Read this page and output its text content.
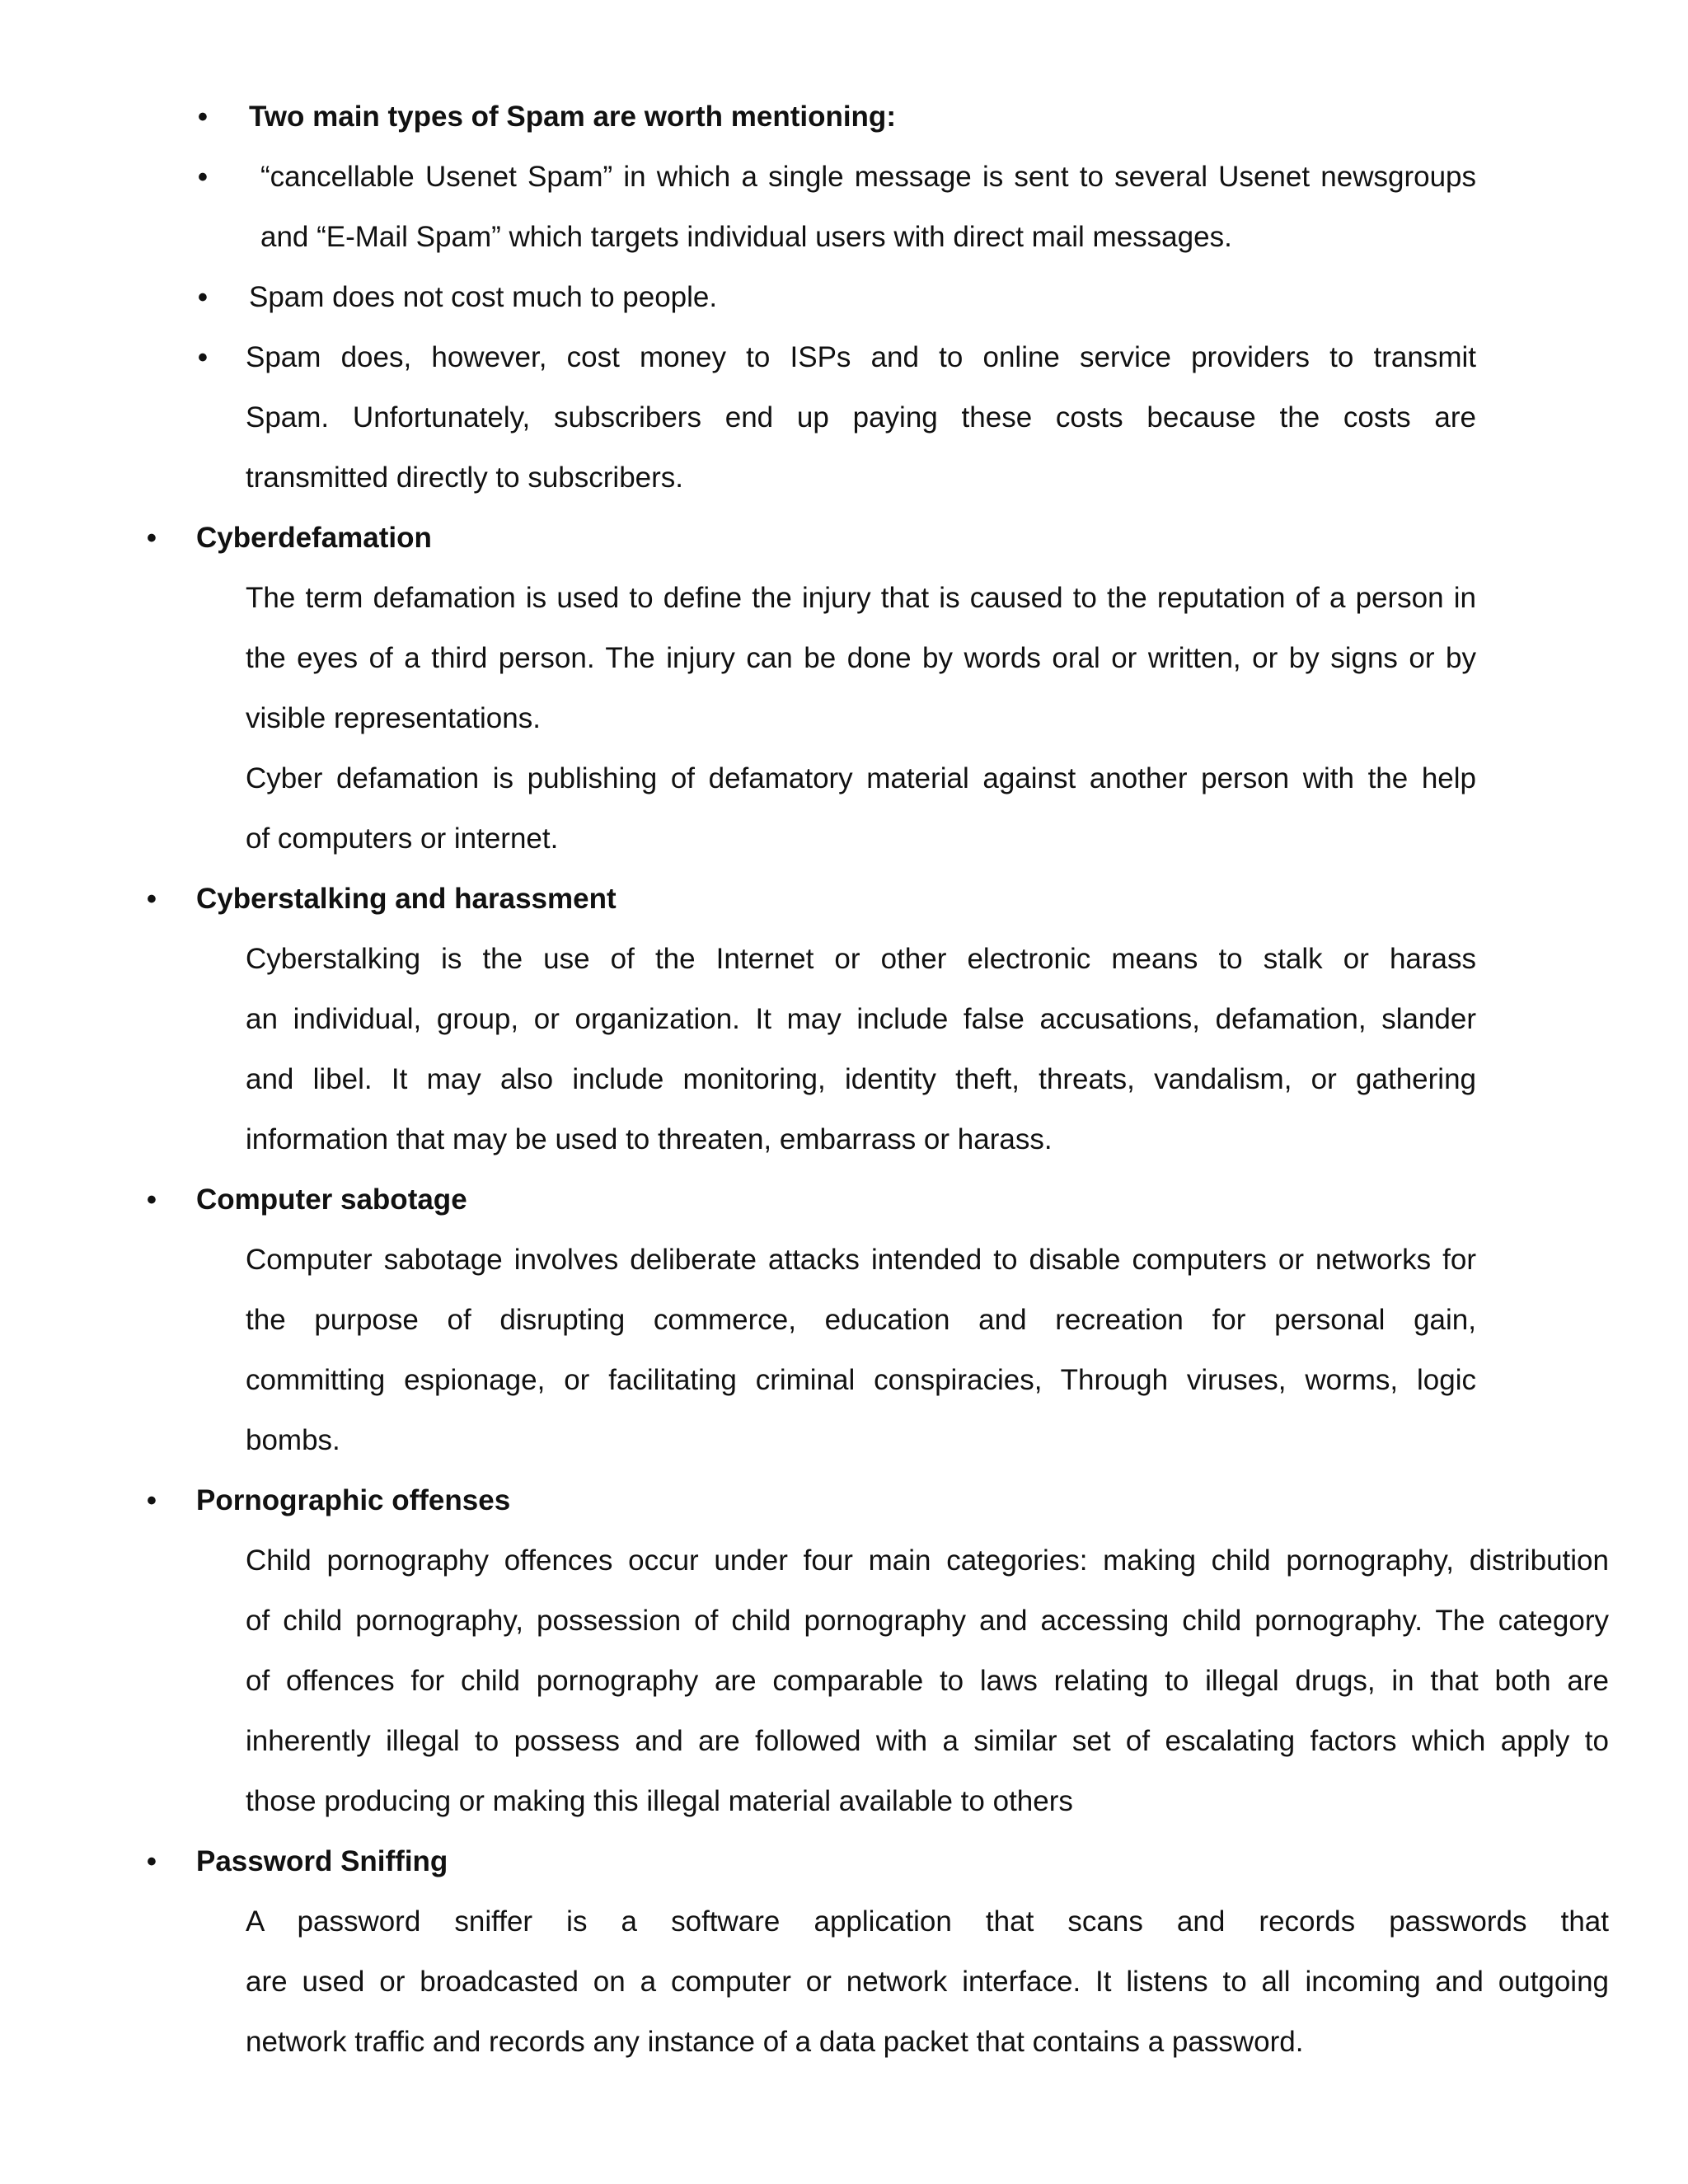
• Two main types of Spam are worth mentioning:
• “cancellable Usenet Spam” in which a single message is sent to several Usenet newsgroups
and “E-Mail Spam” which targets individual users with direct mail messages.
• Spam does not cost much to people.
• Spam does, however, cost money to ISPs and to online service providers to transmit
Spam. Unfortunately, subscribers end up paying these costs because the costs are
transmitted directly to subscribers.
• Cyberdefamation
The term defamation is used to define the injury that is caused to the reputation of a person in
the eyes of a third person. The injury can be done by words oral or written, or by signs or by
visible representations.
Cyber defamation is publishing of defamatory material against another person with the help
of computers or internet.
• Cyberstalking and harassment
Cyberstalking is the use of the Internet or other electronic means to stalk or harass
an individual, group, or organization. It may include false accusations, defamation, slander
and libel. It may also include monitoring, identity theft, threats, vandalism, or gathering
information that may be used to threaten, embarrass or harass.
• Computer sabotage
Computer sabotage involves deliberate attacks intended to disable computers or networks for
the purpose of disrupting commerce, education and recreation for personal gain,
committing espionage, or facilitating criminal conspiracies, Through viruses, worms, logic
bombs.
• Pornographic offenses
Child pornography offences occur under four main categories: making child pornography, distribution
of child pornography, possession of child pornography and accessing child pornography. The category
of offences for child pornography are comparable to laws relating to illegal drugs, in that both are
inherently illegal to possess and are followed with a similar set of escalating factors which apply to
those producing or making this illegal material available to others
• Password Sniffing
A password sniffer is a software application that scans and records passwords that
are used or broadcasted on a computer or network interface. It listens to all incoming and outgoing
network traffic and records any instance of a data packet that contains a password.
